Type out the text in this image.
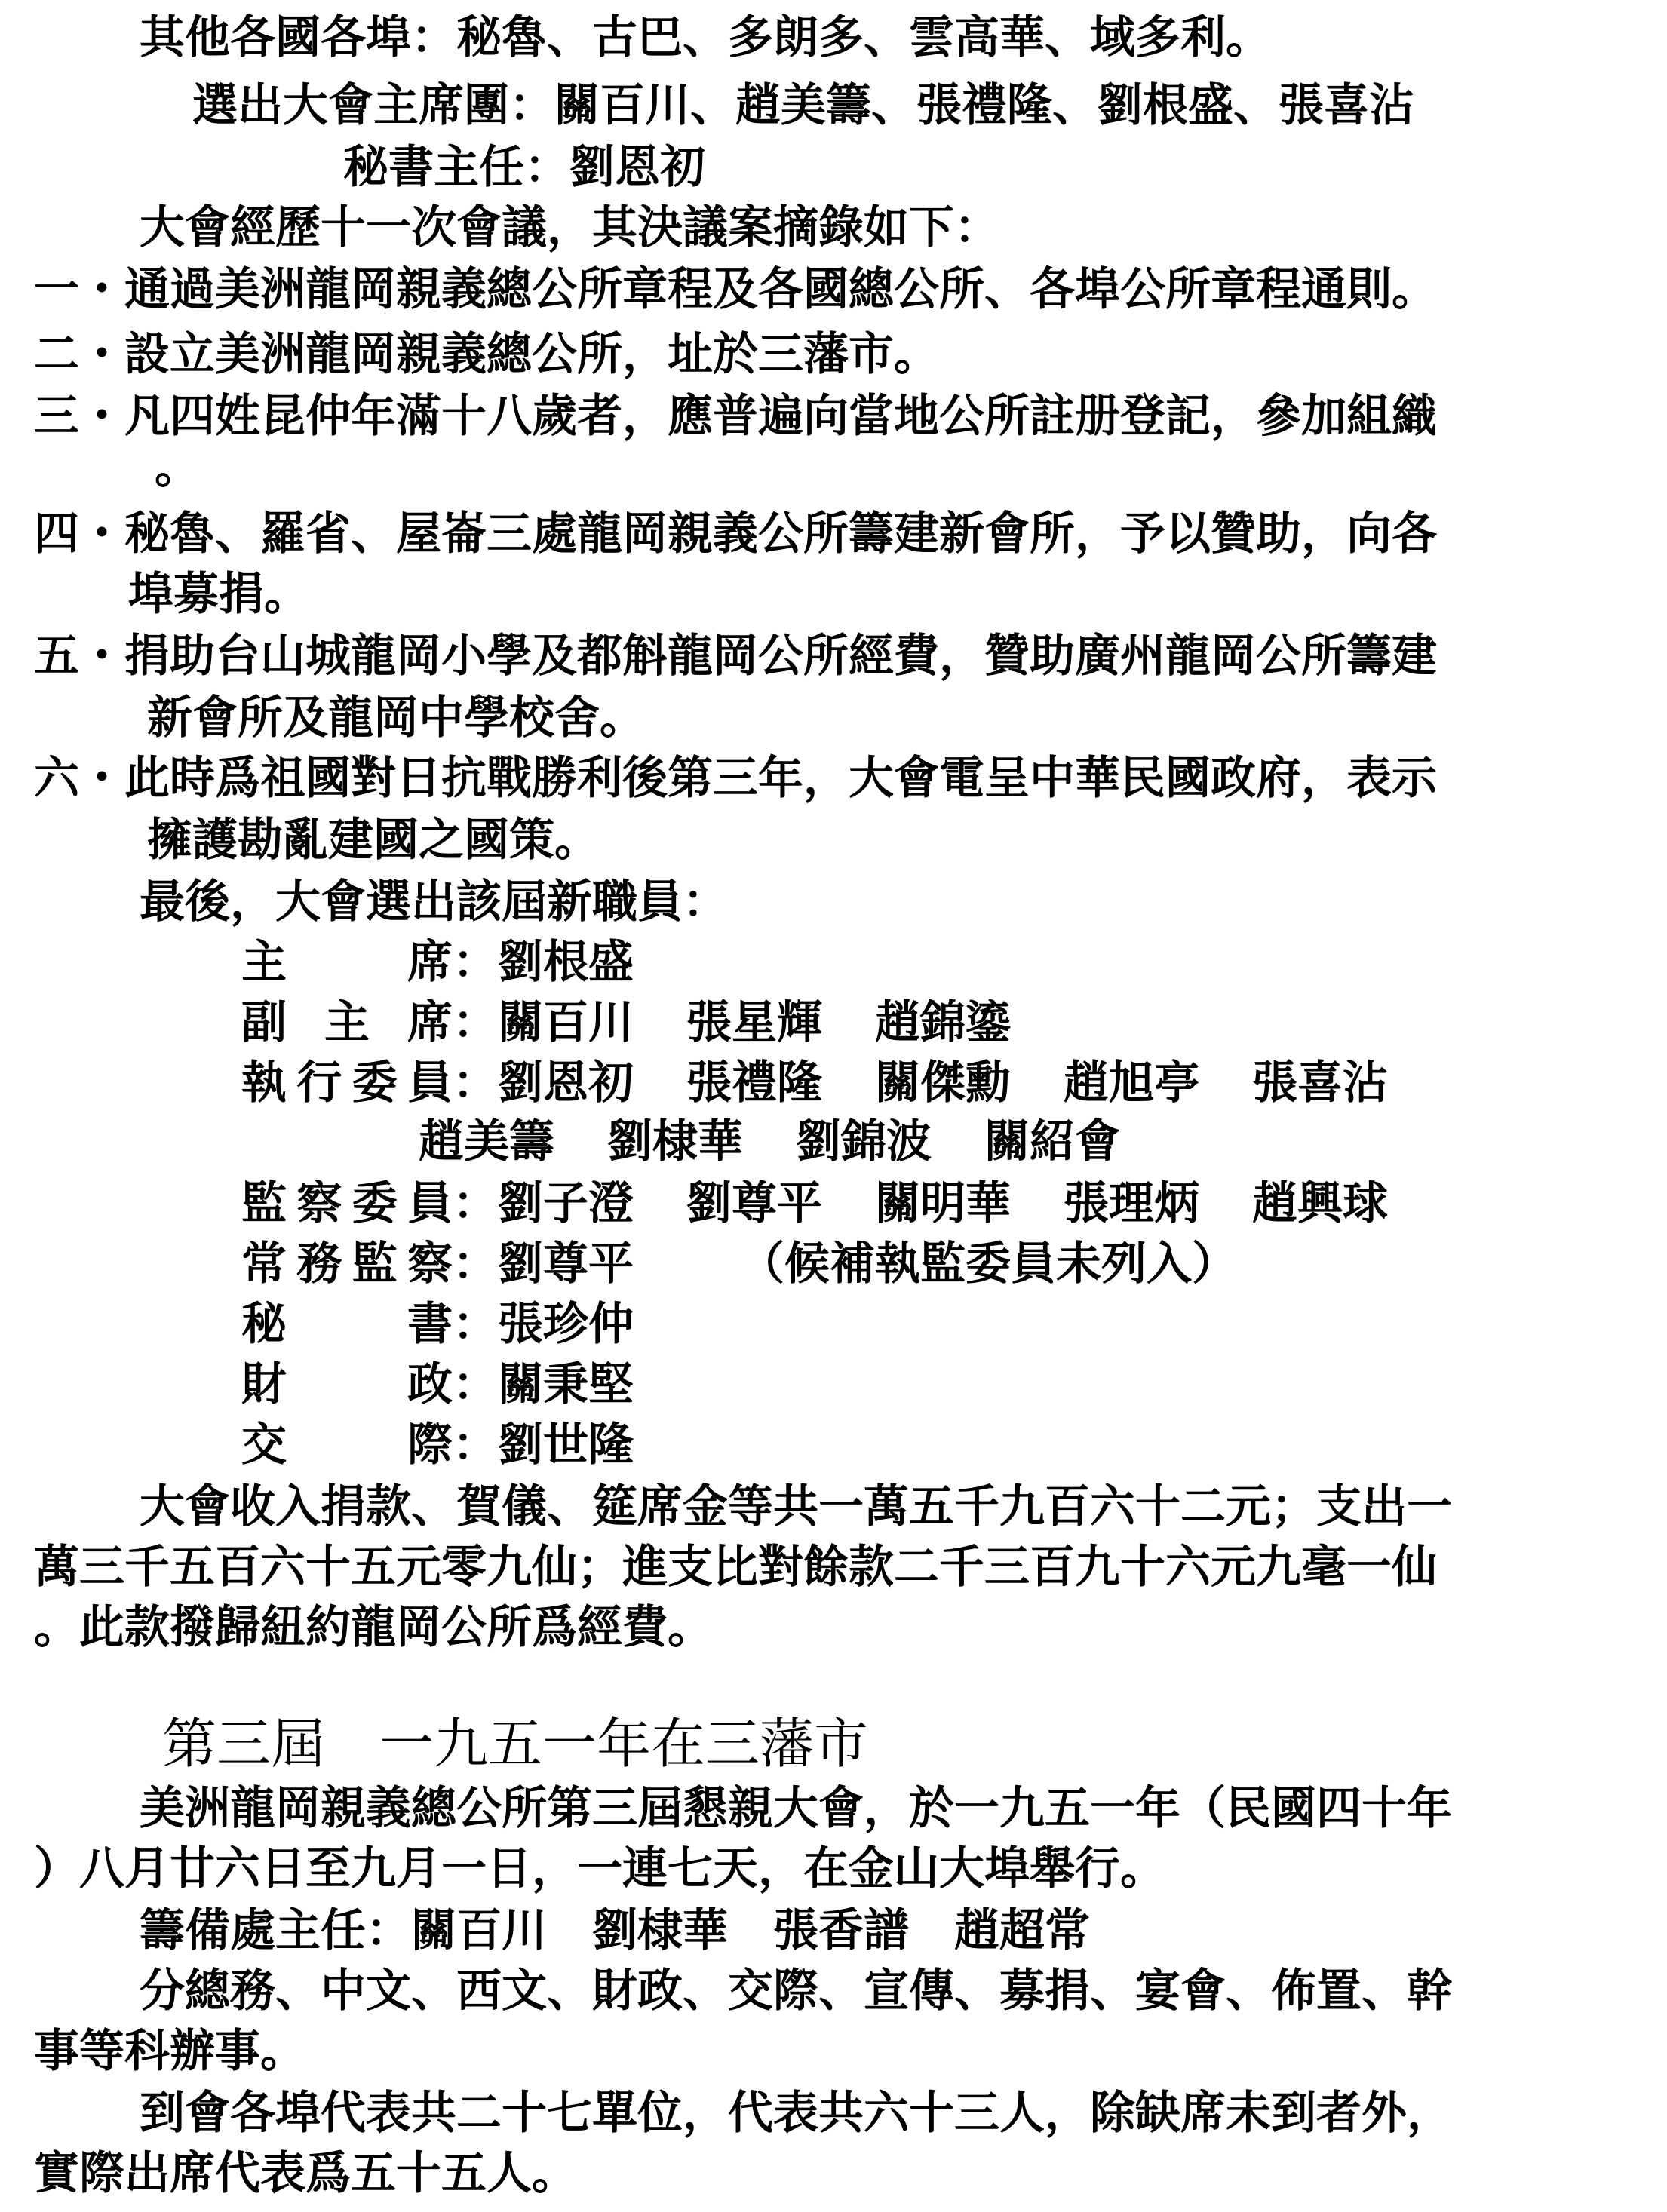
其他各國各埠：秘魯、古巴、多朗多、雲高華、域多利。
選出大會主席團：關百川、趙美籌、張禮隆、劉根盛、張喜沾
秘書主任：劉恩初
大會經歷十一次會議，其決議案摘錄如下：
一・通過美洲龍岡親義總公所章程及各國總公所、各埠公所章程通則。
二・設立美洲龍岡親義總公所，址於三藩市。
三・凡四姓昆仲年滿十八歲者，應普遍向當地公所註册登記，參加組織
。
四・秘魯、羅省、屋崙三處龍岡親義公所籌建新會所，予以贊助，向各
埠募捐。
五・捐助台山城龍岡小學及都斛龍岡公所經費，贊助廣州龍岡公所籌建
新會所及龍岡中學校舍。
六・此時爲祖國對日抗戰勝利後第三年，大會電呈中華民國政府，表示
擁護勘亂建國之國策。
最後，大會選出該屆新職員：
主席：劉根盛
副主席：關百川 張星輝 趙錦鎏
執行委員：劉恩初 張禮隆 關傑勳 趙旭亭 張喜沾
趙美籌 劉棣華 劉錦波 關紹會
監察委員：劉子澄 劉尊平 關明華 張理炳 趙興球
常務監察：劉尊平 （候補執監委員未列入）
秘書：張珍仲
財政：關秉堅
交際：劉世隆
大會收入捐款、賀儀、筵席金等共一萬五千九百六十二元；支出一
萬三千五百六十五元零九仙；進支比對餘款二千三百九十六元九毫一仙
。此款撥歸紐約龍岡公所爲經費。
第三屆　一九五一年在三藩市
美洲龍岡親義總公所第三屆懇親大會，於一九五一年（民國四十年
）八月廿六日至九月一日，一連七天，在金山大埠舉行。
籌備處主任：關百川　劉棣華　張香譜　趙超常
分總務、中文、西文、財政、交際、宣傳、募捐、宴會、佈置、幹
事等科辦事。
到會各埠代表共二十七單位，代表共六十三人，除缺席未到者外，
實際出席代表爲五十五人。
